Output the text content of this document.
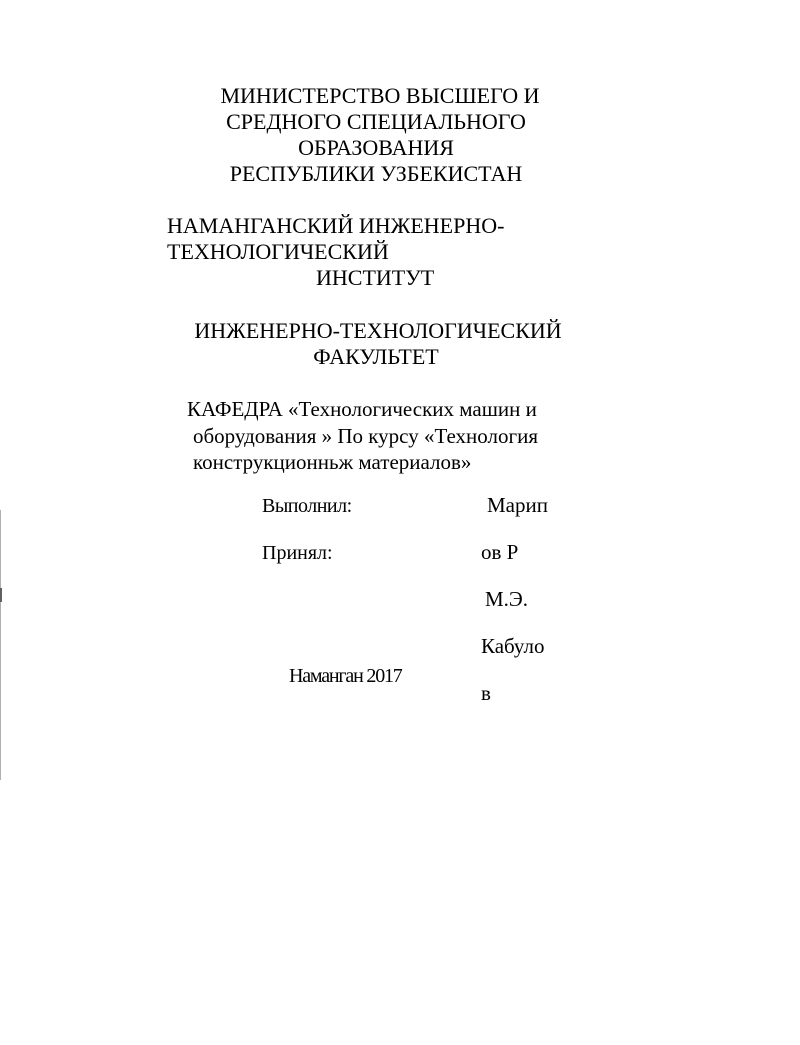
МИНИСТЕРСТВО ВЫСШЕГО И
СРЕДНОГО СПЕЦИАЛЬНОГО
ОБРАЗОВАНИЯ
РЕСПУБЛИКИ УЗБЕКИСТАН
НАМАНГАНСКИЙ ИНЖЕНЕРНО-
ТЕХНОЛОГИЧЕСКИЙ
ИНСТИТУТ
ИНЖЕНЕРНО-ТЕХНОЛОГИЧЕСКИЙ
ФАКУЛЬТЕТ
КАФЕДРА «Технологических машин и
оборудования » По курсу «Технология
конструкционньж материалов»
Выполнил:
Принял:
Марип
ов Р
М.Э.
Кабуло
в
Наманган 2017
